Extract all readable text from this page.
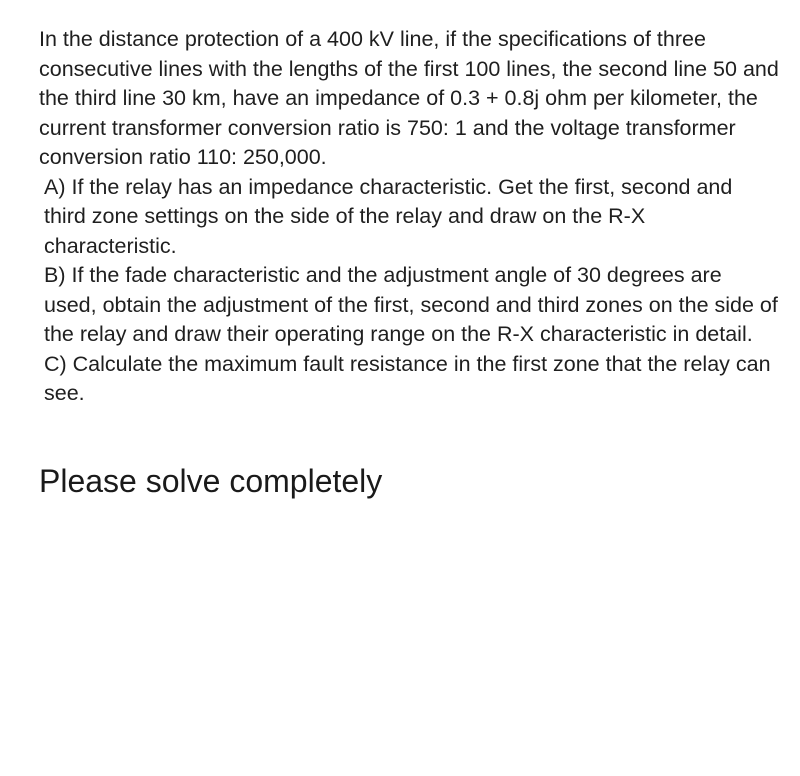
In the distance protection of a 400 kV line, if the specifications of three consecutive lines with the lengths of the first 100 lines, the second line 50 and the third line 30 km, have an impedance of 0.3 + 0.8j ohm per kilometer, the current transformer conversion ratio is 750: 1 and the voltage transformer conversion ratio 110: 250,000.

A) If the relay has an impedance characteristic. Get the first, second and third zone settings on the side of the relay and draw on the R-X characteristic.

B) If the fade characteristic and the adjustment angle of 30 degrees are used, obtain the adjustment of the first, second and third zones on the side of the relay and draw their operating range on the R-X characteristic in detail.

C) Calculate the maximum fault resistance in the first zone that the relay can see.

Please solve completely
